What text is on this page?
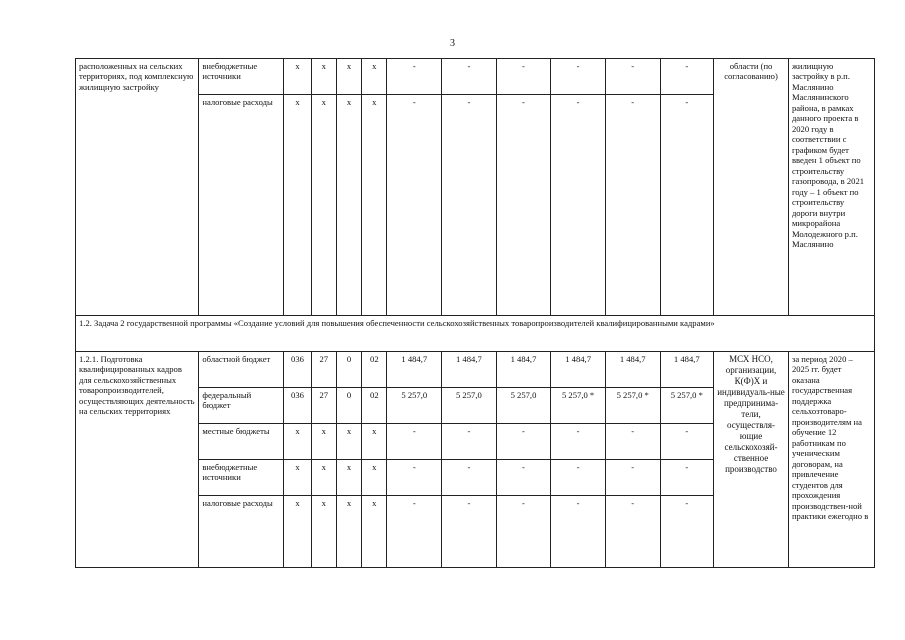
3
расположенных на сельских территориях, под комплексную жилищную застройку	внебюджетные источники	x	x	x	x	-	-	-	-	-	-	области (по согласованию)	жилищную застройку в р.п. Маслянино Маслянинского района, в рамках данного проекта в 2020 году в соответствии с графиком будет введен 1 объект по строительству газопровода, в 2021 году – 1 объект по строительству дороги внутри микрорайона Молодежного р.п. Маслянино
	налоговые расходы	x	x	x	x	-	-	-	-	-	-		
1.2. Задача 2 государственной программы «Создание условий для повышения обеспеченности сельскохозяйственных товаропроизводителей квалифицированными кадрами»													
1.2.1. Подготовка квалифицированных кадров для сельскохозяйственных товаропроизводителей, осуществляющих деятельность на сельских территориях	областной бюджет	036	27	0	02	1 484,7	1 484,7	1 484,7	1 484,7	1 484,7	1 484,7	МСХ НСО, организации, К(Ф)Х и индивидуаль-ные предпринима-тели, осуществля-ющие сельскохозяй-ственное производство	за период 2020 – 2025 гг. будет оказана государственная поддержка сельхозтоваро-производителям на обучение 12 работникам по ученическим договорам, на привлечение студентов для прохождения производствен-ной практики ежегодно в
	федеральный бюджет	036	27	0	02	5 257,0	5 257,0	5 257,0	5 257,0 *	5 257,0 *	5 257,0 *		
	местные бюджеты	x	x	x	x	-	-	-	-	-	-		
	внебюджетные источники	x	x	x	x	-	-	-	-	-	-		
	налоговые расходы	x	x	x	x	-	-	-	-	-	-		
